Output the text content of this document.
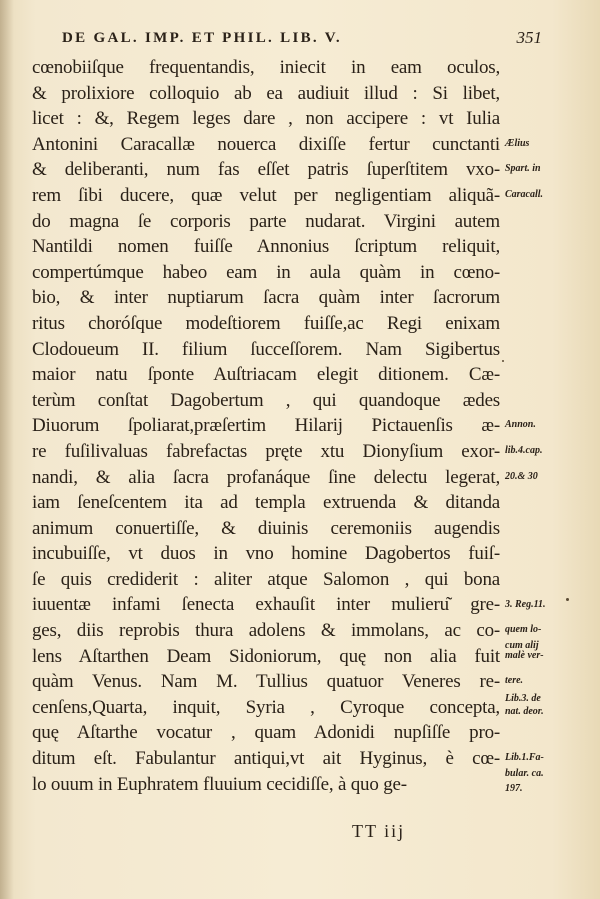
DE GAL. IMP. ET PHIL. LIB. V.	351
cœnobiiſque frequentandis, iniecit in eam oculos,
& prolixiore colloquio ab ea audiuit illud : Si libet,
licet : &, Regem leges dare , non accipere : vt Iulia
Antonini Caracallæ nouerca dixiſſe fertur cunctanti
& deliberanti, num fas eſſet patris ſuperſtitem vxo-
rem ſibi ducere, quæ velut per negligentiam aliquã-
do magna ſe corporis parte nudarat. Virgini autem
Nantildi nomen fuiſſe Annonius ſcriptum reliquit,
compertúmque habeo eam in aula quàm in cœno-
bio, & inter nuptiarum ſacra quàm inter ſacrorum
ritus choróſque modeſtiorem fuiſſe,ac Regi enixam
Clodoueum II. filium ſucceſſorem. Nam Sigibertus
maior natu ſponte Auſtriacam elegit ditionem. Cæ-
terùm conſtat Dagobertum , qui quandoque ædes
Diuorum ſpoliarat,præſertim Hilarij Pictauenſis æ-
re fuſilivaluas fabrefactas pręte xtu Dionyſium exor-
nandi, & alia ſacra profanáque ſine delectu legerat,
iam ſeneſcentem ita ad templa extruenda & ditanda
animum conuertiſſe, & diuinis ceremoniis augendis
incubuiſſe, vt duos in vno homine Dagobertos fuiſ-
ſe quis crediderit : aliter atque Salomon , qui bona
iuuentæ infami ſenecta exhauſit inter mulieru͂ gre-
ges, diis reprobis thura adolens & immolans, ac co-
lens Aſtarthen Deam Sidoniorum, quę non alia fuit
quàm Venus. Nam M. Tullius quatuor Veneres re-
cenſens,Quarta, inquit, Syria , Cyroque concepta,
quę Aſtarthe vocatur , quam Adonidi nupſiſſe pro-
ditum eſt. Fabulantur antiqui,vt ait Hyginus, è cœ-
lo ouum in Euphratem fluuium cecidiſſe, à quo ge-
Ælius
Spart. in
Caracall.
Annon.
lib.4.cap.
20.& 30
3. Reg.11.
quem lo-
cum alij
malè ver-
tere.
Lib.3. de
nat. deor.
Lib.1.Fa-
bular. ca.
197.
TT iij
